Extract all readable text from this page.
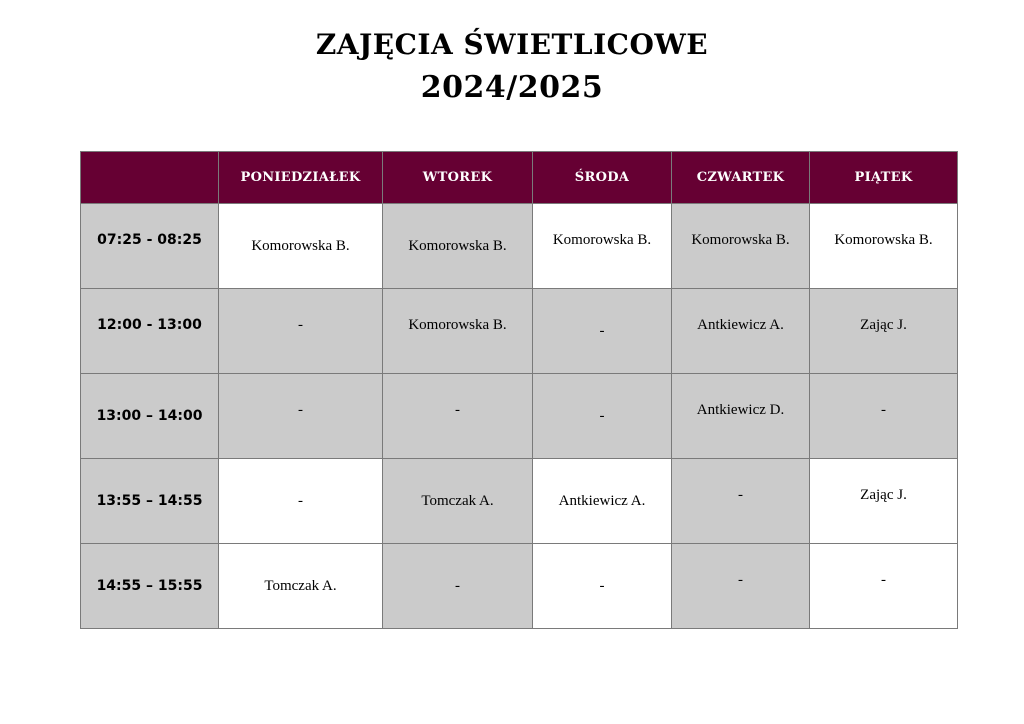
ZAJĘCIA ŚWIETLICOWE
2024/2025
	PONIEDZIAŁEK	WTOREK	ŚRODA	CZWARTEK	PIĄTEK
07:25 - 08:25	Komorowska B.	Komorowska B.	Komorowska B.	Komorowska B.	Komorowska B.
12:00 - 13:00	-	Komorowska B.	-	Antkiewicz A.	Zając J.
13:00 – 14:00	-	-	-	Antkiewicz D.	-
13:55 – 14:55	-	Tomczak A.	Antkiewicz A.	-	Zając J.
14:55 – 15:55	Tomczak A.	-	-	-	-
